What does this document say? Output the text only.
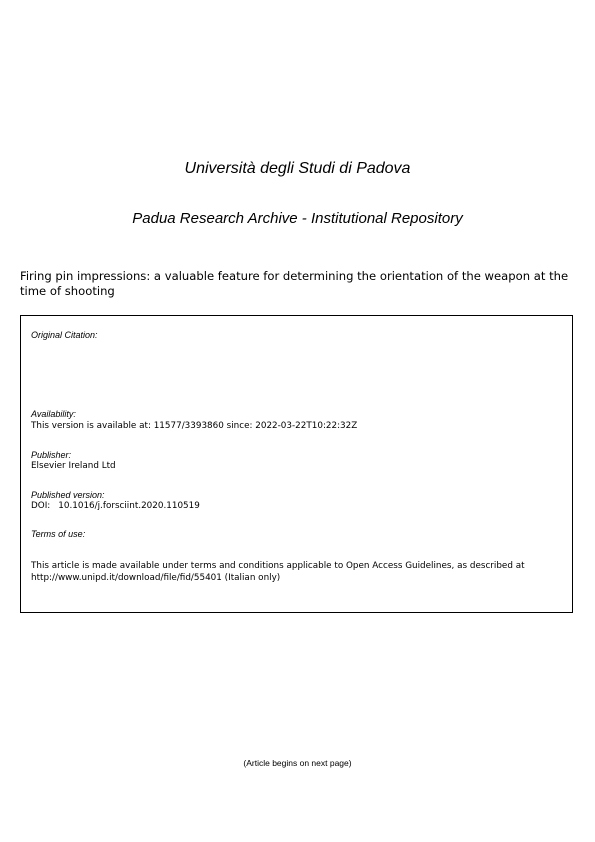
Università degli Studi di Padova
Padua Research Archive - Institutional Repository
Firing pin impressions: a valuable feature for determining the orientation of the weapon at the time of shooting
Original Citation:
Availability:
This version is available at: 11577/3393860 since: 2022-03-22T10:22:32Z
Publisher:
Elsevier Ireland Ltd
Published version:
DOI: 10.1016/j.forsciint.2020.110519
Terms of use:
This article is made available under terms and conditions applicable to Open Access Guidelines, as described at http://www.unipd.it/download/file/fid/55401 (Italian only)
(Article begins on next page)
